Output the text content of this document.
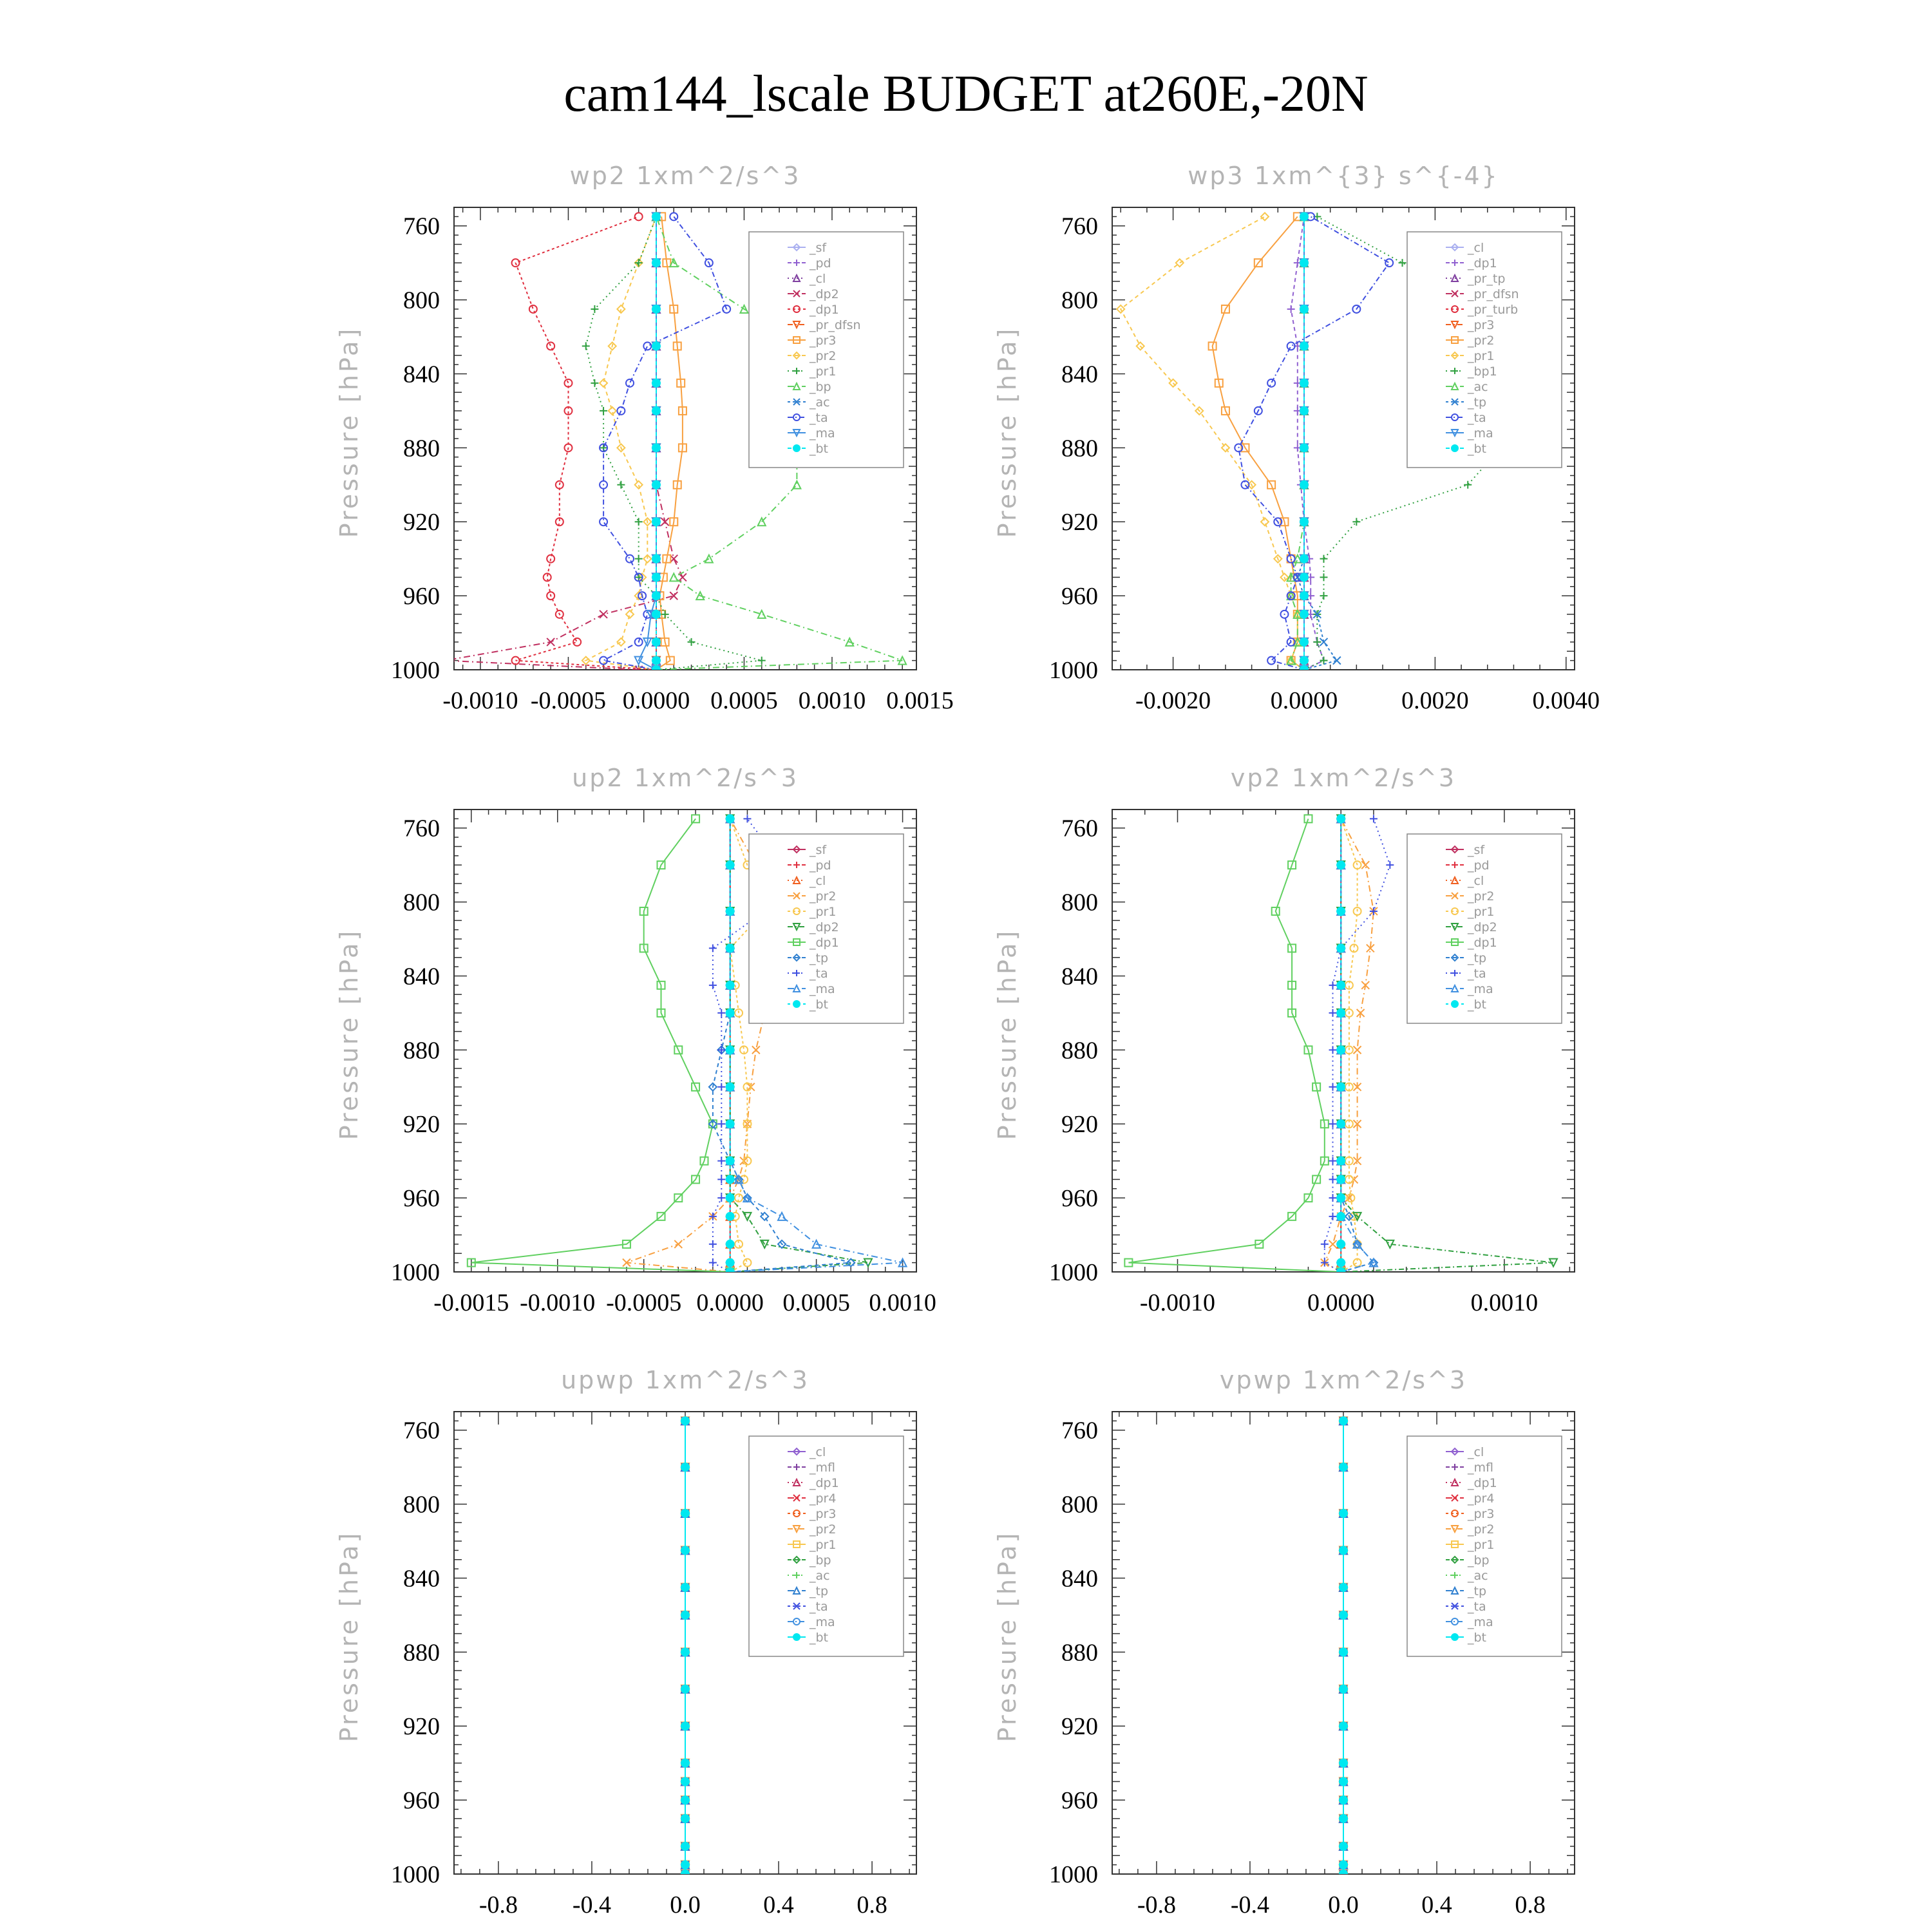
cam144_lscale BUDGET at260E,-20N
wp2 1xm^2/s^3
Pressure [hPa]
760
800
840
880
920
960
1000
-0.0010 -0.0005 0.0000 0.0005 0.0010 0.0015
_sf
_pd
_cl
_dp2
_dp1
_pr_dfsn
_pr3
_pr2
_pr1
_bp
_ac
_ta
_ma
_bt
wp3 1xm^{3} s^{-4}
Pressure [hPa]
760
800
840
880
920
960
1000
-0.0020 0.0000	0.0020	0.0040
_cl
_dp1
_pr_tp
_pr_dfsn
_pr_turb
_pr3
_pr2
_pr1
_bp1
_ac
_tp
_ta
_ma
_bt
up2 1xm^2/s^3
Pressure [hPa]
760
800
840
880
920
960
1000
-0.0015 -0.0010 -0.0005 0.0000 0.0005 0.0010
_sf
_pd
_cl
_pr2
_pr1
_dp2
_dp1
_tp
_ta
_ma
_bt
vp2 1xm^2/s^3
Pressure [hPa]
760
800
840
880
920
960
1000
-0.0010	0.0000	0.0010
_sf
_pd
_cl
_pr2
_pr1
_dp2
_dp1
_tp
_ta
_ma
_bt
upwp 1xm^2/s^3
Pressure [hPa]
760
800
840
880
920
960
1000
-0.8 -0.4 0.0	0.4	0.8
_cl
_mfl
_dp1
_pr4
_pr3
_pr2
_pr1
_bp
_ac
_tp
_ta
_ma
_bt
vpwp 1xm^2/s^3
Pressure [hPa]
760
800
840
880
920
960
1000
-0.8 -0.4 0.0	0.4	0.8
_cl
_mfl
_dp1
_pr4
_pr3
_pr2
_pr1
_bp
_ac
_tp
_ta
_ma
_bt
